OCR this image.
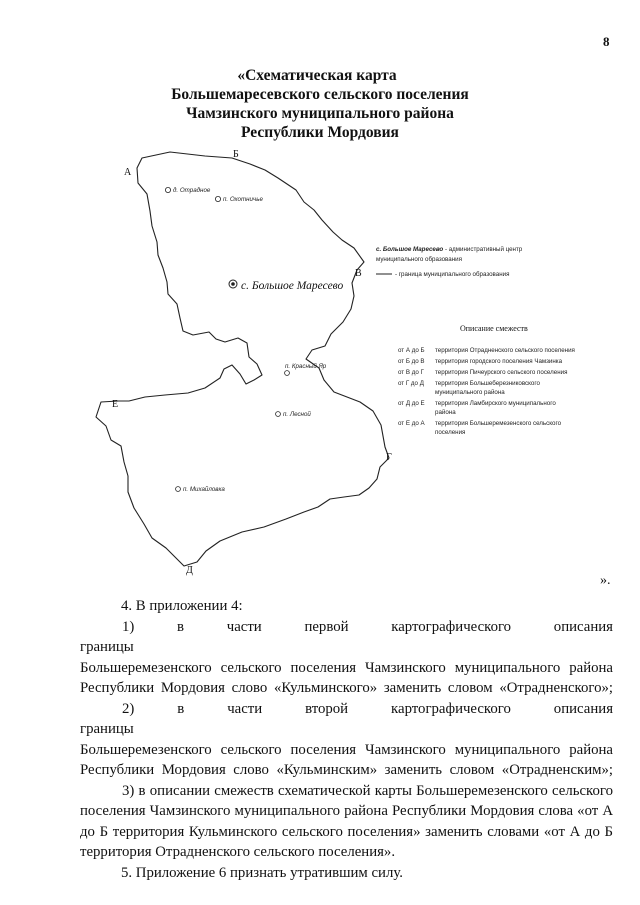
8
«Схематическая карта
Большемаресевского сельского поселения
Чамзинского муниципального района
Республики Мордовия
А
Б
В
Г
Д
Е
д. Отрадное
п. Охотничье
с. Большое Маресево
п. Красный Яр
п. Лесной
п. Михайловка
с. Большое Маресево - административный центр
муниципального образования
- граница муниципального образования
Описание смежеств
от А до Б территория Отрадненского сельского поселения
от Б до В территория городского поселения Чамзинка
от В до Г территория Пичеурского сельского поселения
от Г до Д территория Большеберезниковского
муниципального района
от Д до Е территория Ламбирского муниципального
района
от Е до А территория Большеремезенского сельского
поселения
».

4. В приложении 4:

1) в части первой картографического описания границы

Большеремезенского сельского поселения Чамзинского муниципального района Республики Мордовия слово «Кульминского» заменить словом «Отрадненского»;

2) в части второй картографического описания границы

Большеремезенского сельского поселения Чамзинского муниципального района Республики Мордовия слово «Кульминским» заменить словом «Отрадненским»;

3) в описании смежеств схематической карты Большеремезенского сельского поселения Чамзинского муниципального района Республики Мордовия слова «от А до Б территория Кульминского сельского поселения» заменить словами «от А до Б территория Отрадненского сельского поселения».

5. Приложение 6 признать утратившим силу.
